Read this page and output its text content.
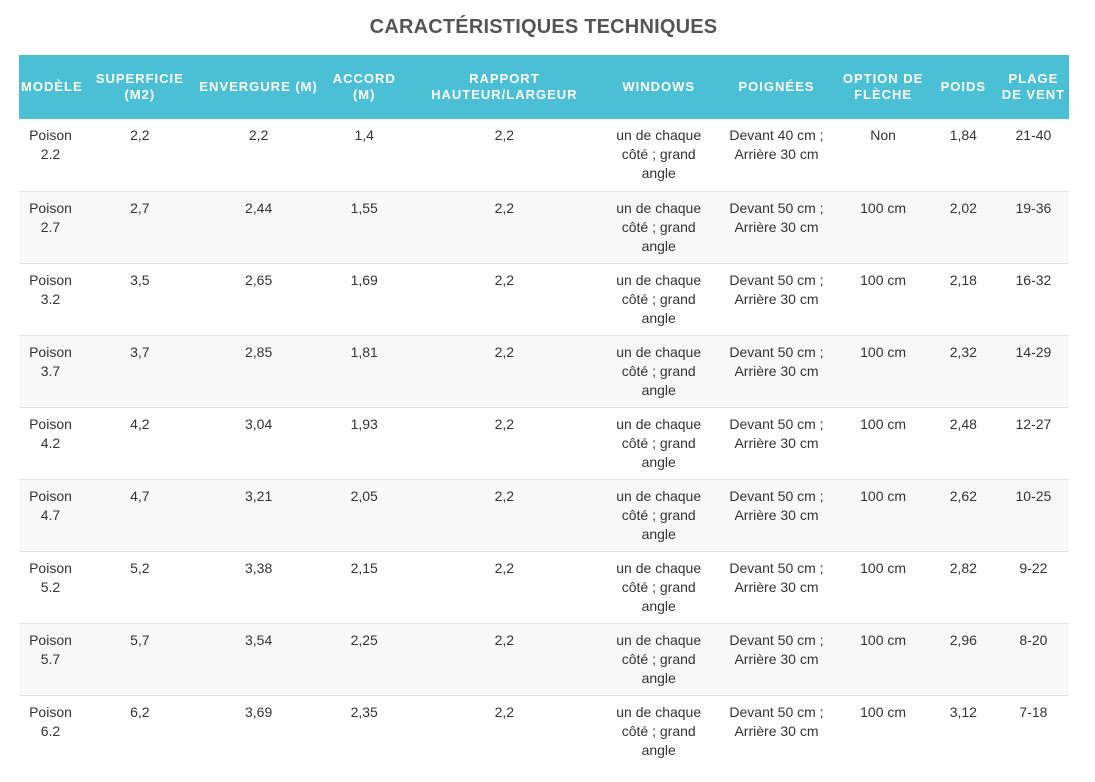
CARACTÉRISTIQUES TECHNIQUES
MODÈLE	SUPERFICIE (M2)	ENVERGURE (M)	ACCORD (M)	RAPPORT HAUTEUR/LARGEUR	WINDOWS	POIGNÉES	OPTION DE FLÈCHE	POIDS	PLAGE DE VENT
Poison 2.2	2,2	2,2	1,4	2,2	un de chaque côté ; grand angle	Devant 40 cm ; Arrière 30 cm	Non	1,84	21-40
Poison 2.7	2,7	2,44	1,55	2,2	un de chaque côté ; grand angle	Devant 50 cm ; Arrière 30 cm	100 cm	2,02	19-36
Poison 3.2	3,5	2,65	1,69	2,2	un de chaque côté ; grand angle	Devant 50 cm ; Arrière 30 cm	100 cm	2,18	16-32
Poison 3.7	3,7	2,85	1,81	2,2	un de chaque côté ; grand angle	Devant 50 cm ; Arrière 30 cm	100 cm	2,32	14-29
Poison 4.2	4,2	3,04	1,93	2,2	un de chaque côté ; grand angle	Devant 50 cm ; Arrière 30 cm	100 cm	2,48	12-27
Poison 4.7	4,7	3,21	2,05	2,2	un de chaque côté ; grand angle	Devant 50 cm ; Arrière 30 cm	100 cm	2,62	10-25
Poison 5.2	5,2	3,38	2,15	2,2	un de chaque côté ; grand angle	Devant 50 cm ; Arrière 30 cm	100 cm	2,82	9-22
Poison 5.7	5,7	3,54	2,25	2,2	un de chaque côté ; grand angle	Devant 50 cm ; Arrière 30 cm	100 cm	2,96	8-20
Poison 6.2	6,2	3,69	2,35	2,2	un de chaque côté ; grand angle	Devant 50 cm ; Arrière 30 cm	100 cm	3,12	7-18
